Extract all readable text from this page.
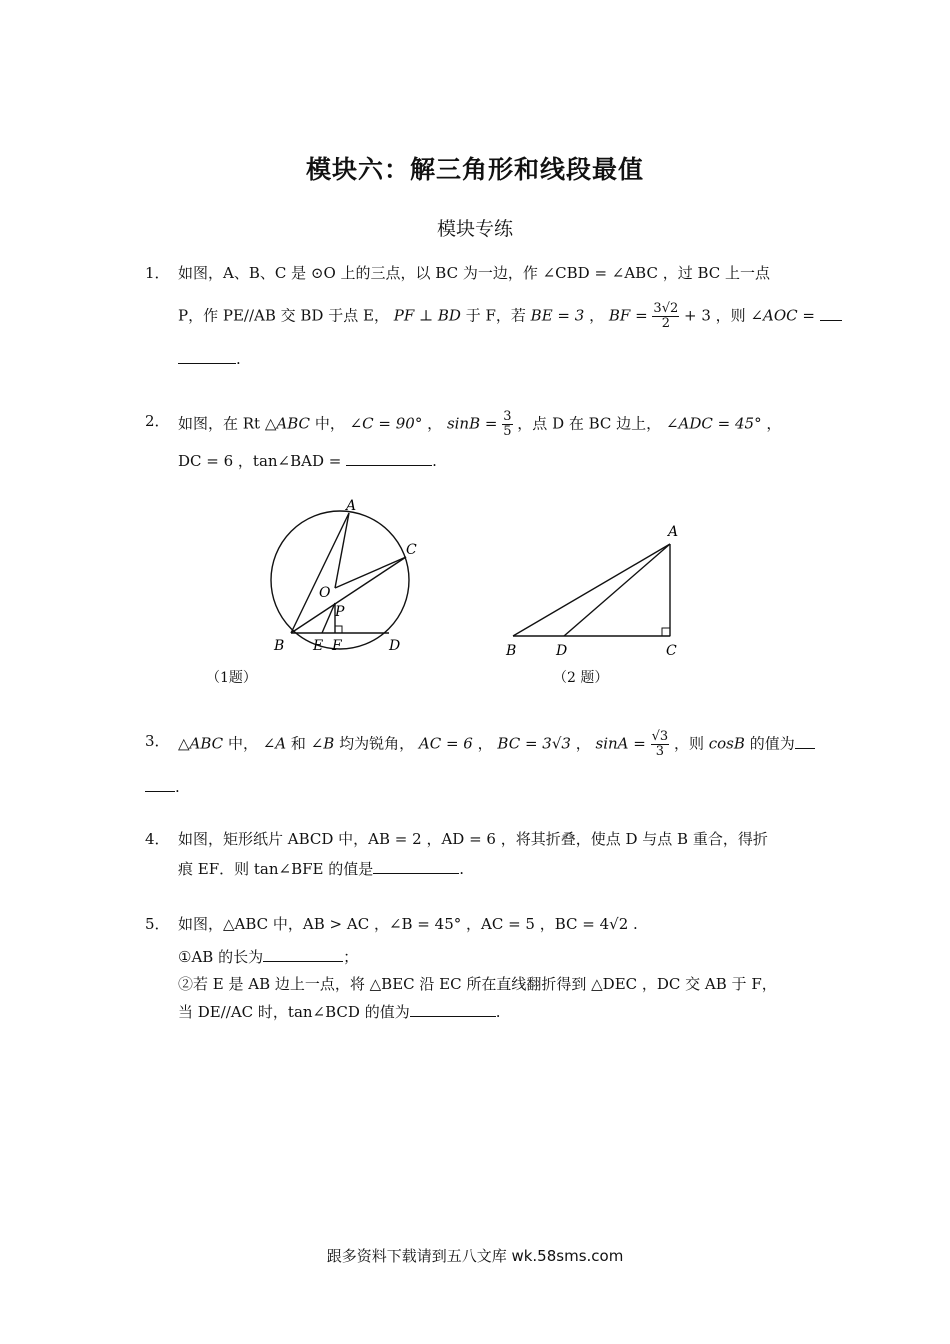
模块六：解三角形和线段最值
模块专练
1． 如图，A、B、C 是 ⊙O 上的三点，以 BC 为一边，作 ∠CBD = ∠ABC ，过 BC 上一点
P，作 PE//AB 交 BD 于点 E， PF ⊥ BD 于 F，若 BE = 3 ， BF = $\frac{3√2}{2} + 3$ ，则 ∠AOC =
.
2． 如图，在 Rt △ABC 中， ∠C = 90° ， $\sin B = \frac{3}{5}$ ，点 D 在 BC 边上， ∠ADC = 45° ，
DC = 6 ，tan∠BAD =	.
A
C
O
P
B E F	D
（1题）
A
B	D	C
（2 题）
3． △ABC 中， ∠A 和 ∠B 均为锐角， AC = 6 ， BC = 3√3 ， $\sin A = \frac{√3}{3}$ ，则 cosB 的值为
.
4． 如图，矩形纸片 ABCD 中，AB = 2 ，AD = 6 ，将其折叠，使点 D 与点 B 重合，得折
痕 EF．则 tan∠BFE 的值是	.
5． 如图，△ABC 中，AB > AC ，∠B = 45° ，AC = 5 ，BC = 4√2 .
①AB 的长为	；
②若 E 是 AB 边上一点，将 △BEC 沿 EC 所在直线翻折得到 △DEC ，DC 交 AB 于 F，
当 DE//AC 时，tan∠BCD 的值为	.
跟多资料下载请到五八文库 wk.58sms.com
